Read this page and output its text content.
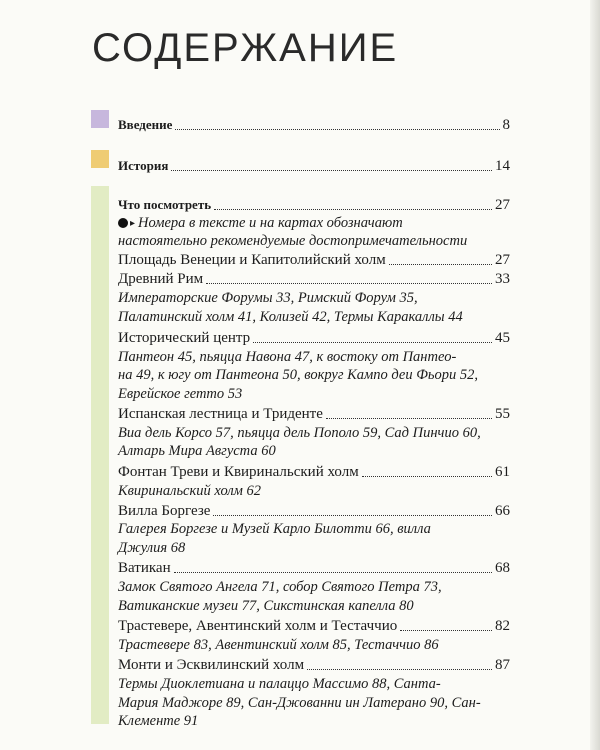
СОДЕРЖАНИЕ
Введение	8
История	14
Что посмотреть	27
▸ Номера в тексте и на картах обозначают
настоятельно рекомендуемые достопримечательности
Площадь Венеции и Капитолийский холм	27
Древний Рим	33
Императорские Форумы 33, Римский Форум 35,
Палатинский холм 41, Колизей 42, Термы Каракаллы 44
Исторический центр	45
Пантеон 45, пьяцца Навона 47, к востоку от Пантео-
на 49, к югу от Пантеона 50, вокруг Кампо деи Фьори 52,
Еврейское гетто 53
Испанская лестница и Триденте	55
Виа дель Корсо 57, пьяцца дель Пополо 59, Сад Пинчио 60,
Алтарь Мира Августа 60
Фонтан Треви и Квиринальский холм	61
Квиринальский холм 62
Вилла Боргезе	66
Галерея Боргезе и Музей Карло Билотти 66, вилла
Джулия 68
Ватикан	68
Замок Святого Ангела 71, собор Святого Петра 73,
Ватиканские музеи 77, Сикстинская капелла 80
Трастевере, Авентинский холм и Тестаччио	82
Трастевере 83, Авентинский холм 85, Тестаччио 86
Монти и Эсквилинский холм	87
Термы Диоклетиана и палаццо Массимо 88, Санта-
Мария Маджоре 89, Сан-Джованни ин Латерано 90, Сан-
Клементе 91
